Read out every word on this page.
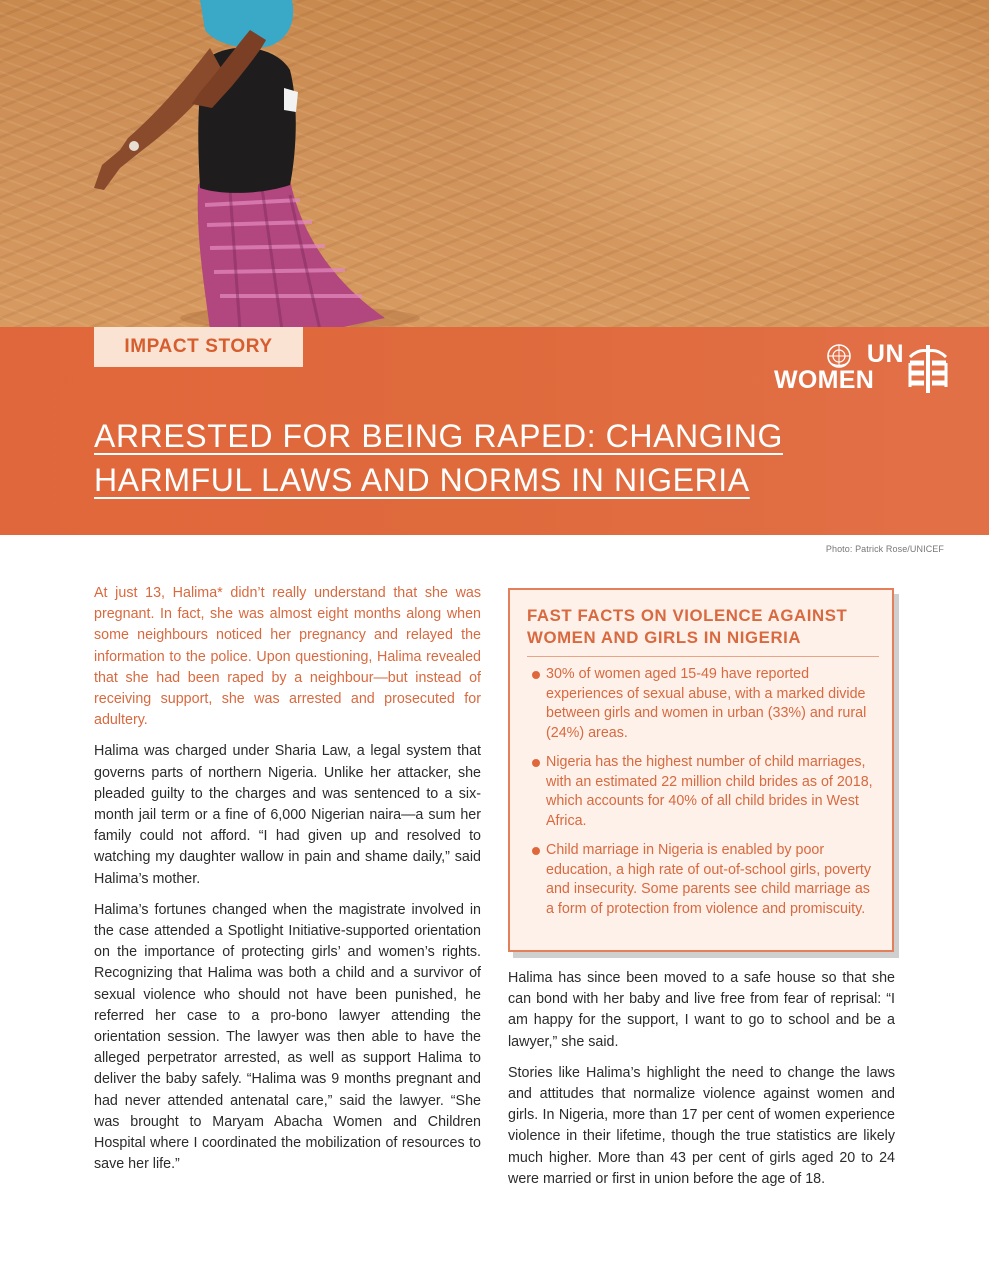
Photo: Patrick Rose/UNICEF
IMPACT STORY	UN
WOMEN
ARRESTED FOR BEING RAPED: CHANGING
HARMFUL LAWS AND NORMS IN NIGERIA

At just 13, Halima* didn’t really understand that she was pregnant. In fact, she was almost eight months along when some neighbours noticed her pregnancy and relayed the information to the police. Upon questioning, Halima revealed that she had been raped by a neighbour—but instead of receiving support, she was arrested and prosecuted for adultery.

Halima was charged under Sharia Law, a legal system that governs parts of northern Nigeria. Unlike her attacker, she pleaded guilty to the charges and was sentenced to a six-month jail term or a fine of 6,000 Nigerian naira—a sum her family could not afford. “I had given up and resolved to watching my daughter wallow in pain and shame daily,” said Halima’s mother.

Halima’s fortunes changed when the magistrate involved in the case attended a Spotlight Initiative-supported orientation on the importance of protecting girls’ and women’s rights. Recognizing that Halima was both a child and a survivor of sexual violence who should not have been punished, he referred her case to a pro-bono lawyer attending the orientation session. The lawyer was then able to have the alleged perpetrator arrested, as well as support Halima to deliver the baby safely. “Halima was 9 months pregnant and had never attended antenatal care,” said the lawyer. “She was brought to Maryam Abacha Women and Children Hospital where I coordinated the mobilization of resources to save her life.”

FAST FACTS ON VIOLENCE AGAINST WOMEN AND GIRLS IN NIGERIA
30% of women aged 15-49 have reported experiences of sexual abuse, with a marked divide between girls and women in urban (33%) and rural (24%) areas.
Nigeria has the highest number of child marriages, with an estimated 22 million child brides as of 2018, which accounts for 40% of all child brides in West Africa.
Child marriage in Nigeria is enabled by poor education, a high rate of out-of-school girls, poverty and insecurity. Some parents see child marriage as a form of protection from violence and promiscuity.

Halima has since been moved to a safe house so that she can bond with her baby and live free from fear of reprisal: “I am happy for the support, I want to go to school and be a lawyer,” she said.

Stories like Halima’s highlight the need to change the laws and attitudes that normalize violence against women and girls. In Nigeria, more than 17 per cent of women experience violence in their lifetime, though the true statistics are likely much higher. More than 43 per cent of girls aged 20 to 24 were married or first in union before the age of 18.
